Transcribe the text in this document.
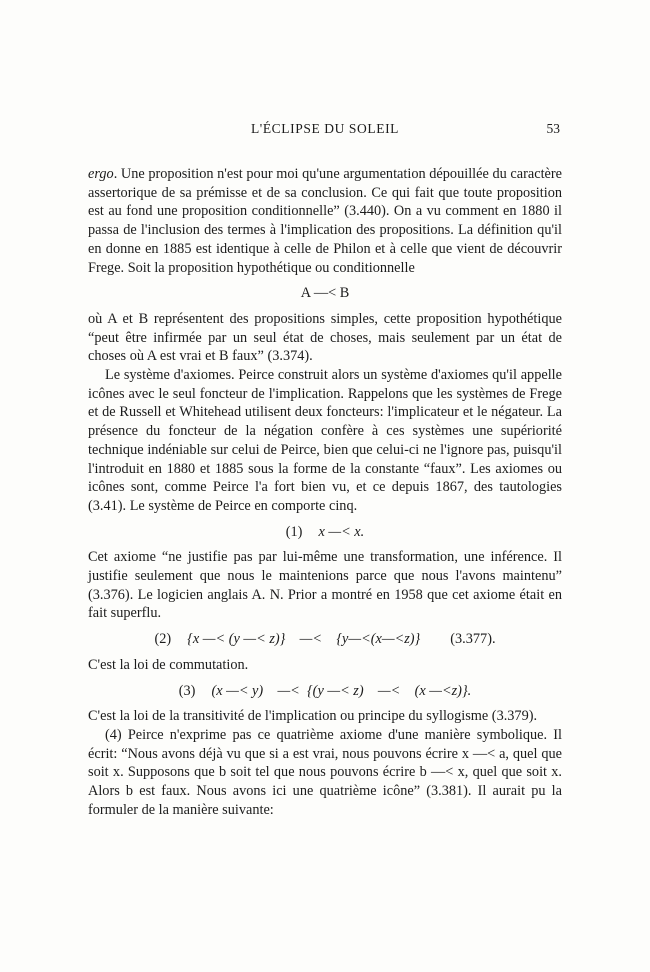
L'ÉCLIPSE DU SOLEIL	53

ergo. Une proposition n'est pour moi qu'une argumentation dépouillée du caractère assertorique de sa prémisse et de sa conclusion. Ce qui fait que toute proposition est au fond une proposition conditionnelle” (3.440). On a vu comment en 1880 il passa de l'inclusion des termes à l'implication des propositions. La définition qu'il en donne en 1885 est identique à celle de Philon et à celle que vient de découvrir Frege. Soit la proposition hypothétique ou conditionnelle

A —< B

où A et B représentent des propositions simples, cette proposition hypothétique “peut être infirmée par un seul état de choses, mais seulement par un état de choses où A est vrai et B faux” (3.374).

Le système d'axiomes. Peirce construit alors un système d'axiomes qu'il appelle icônes avec le seul foncteur de l'implication. Rappelons que les systèmes de Frege et de Russell et Whitehead utilisent deux foncteurs: l'implicateur et le négateur. La présence du foncteur de la négation confère à ces systèmes une supériorité technique indéniable sur celui de Peirce, bien que celui-ci ne l'ignore pas, puisqu'il l'introduit en 1880 et 1885 sous la forme de la constante “faux”. Les axiomes ou icônes sont, comme Peirce l'a fort bien vu, et ce depuis 1867, des tautologies (3.41). Le système de Peirce en comporte cinq.

(1) x —< x.

Cet axiome “ne justifie pas par lui-même une transformation, une inférence. Il justifie seulement que nous le maintenions parce que nous l'avons maintenu” (3.376). Le logicien anglais A. N. Prior a montré en 1958 que cet axiome était en fait superflu.

(2) {x —< (y —< z)}    —<    {y—<(x—<z)} (3.377).

C'est la loi de commutation.

(3) (x —< y)    —<  {(y —< z)    —<    (x —<z)}.

C'est la loi de la transitivité de l'implication ou principe du syllogisme (3.379).

(4) Peirce n'exprime pas ce quatrième axiome d'une manière symbolique. Il écrit: “Nous avons déjà vu que si a est vrai, nous pouvons écrire x —< a, quel que soit x. Supposons que b soit tel que nous pouvons écrire b —< x, quel que soit x. Alors b est faux. Nous avons ici une quatrième icône” (3.381). Il aurait pu la formuler de la manière suivante:
